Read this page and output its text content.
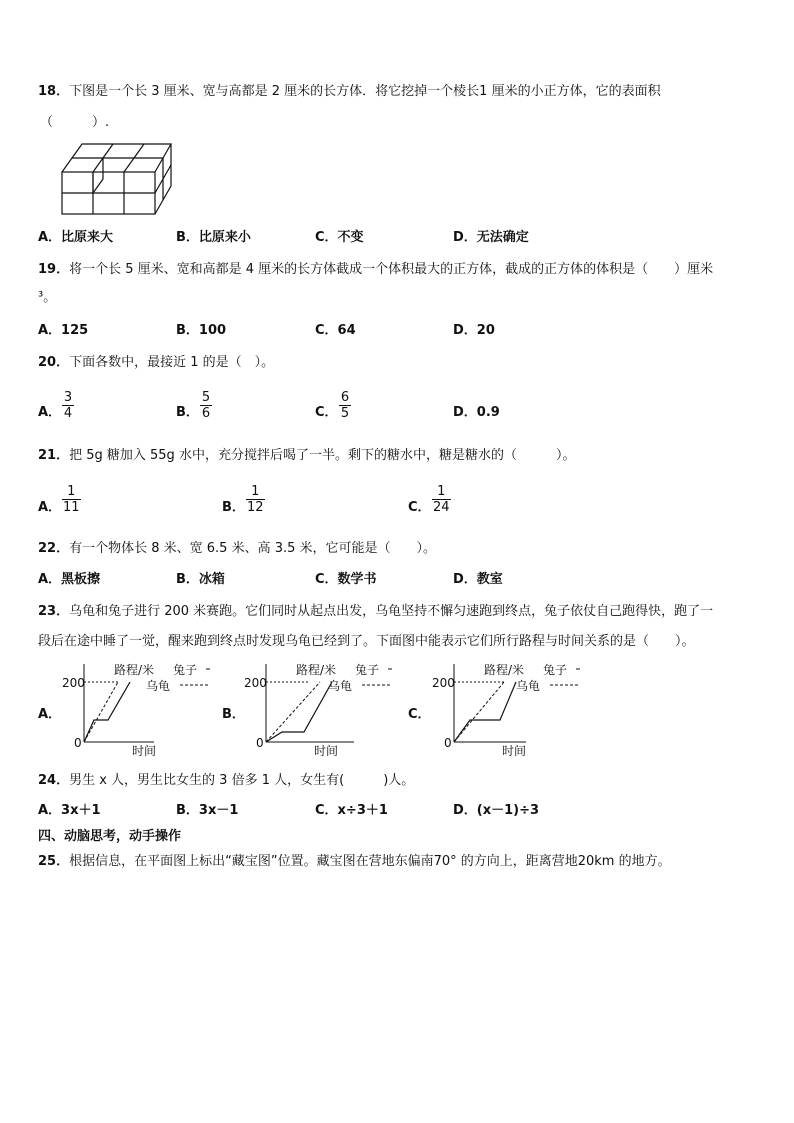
18．下图是一个长 3 厘米、宽与高都是 2 厘米的长方体．将它挖掉一个棱长1 厘米的小正方体，它的表面积
（　　　）.
A．比原来大	B．比原来小	C．不变	D．无法确定
19．将一个长 5 厘米、宽和高都是 4 厘米的长方体截成一个体积最大的正方体，截成的正方体的体积是（　　）厘米
³。
A．125	B．100	C．64	D．20
20．下面各数中，最接近 1 的是（　）。
A．
3
4	B．
5
6	C．
6
5	D．0.9
21．把 5g 糖加入 55g 水中，充分搅拌后喝了一半。剩下的糖水中，糖是糖水的（　　　）。
A．
1
11	B．
1
12	C．
1
24
22．有一个物体长 8 米、宽 6.5 米、高 3.5 米，它可能是（　　）。
A．黑板擦	B．冰箱	C．数学书	D．教室
23．乌龟和兔子进行 200 米赛跑。它们同时从起点出发，乌龟坚持不懈匀速跑到终点，兔子依仗自己跑得快，跑了一
段后在途中睡了一觉，醒来跑到终点时发现乌龟已经到了。下面图中能表示它们所行路程与时间关系的是（　　）。
A．	B．	C．
路程/米 兔子
乌龟
200
0
时间
路程/米 兔子
乌龟
200
0
时间
路程/米 兔子
乌龟
200
0
时间
24．男生 x 人，男生比女生的 3 倍多 1 人，女生有(　　　)人。
A．3x＋1	B．3x－1	C．x÷3＋1	D．(x－1)÷3
四、动脑思考，动手操作
25．根据信息，在平面图上标出“藏宝图”位置。藏宝图在营地东偏南70° 的方向上，距离营地20km 的地方。
